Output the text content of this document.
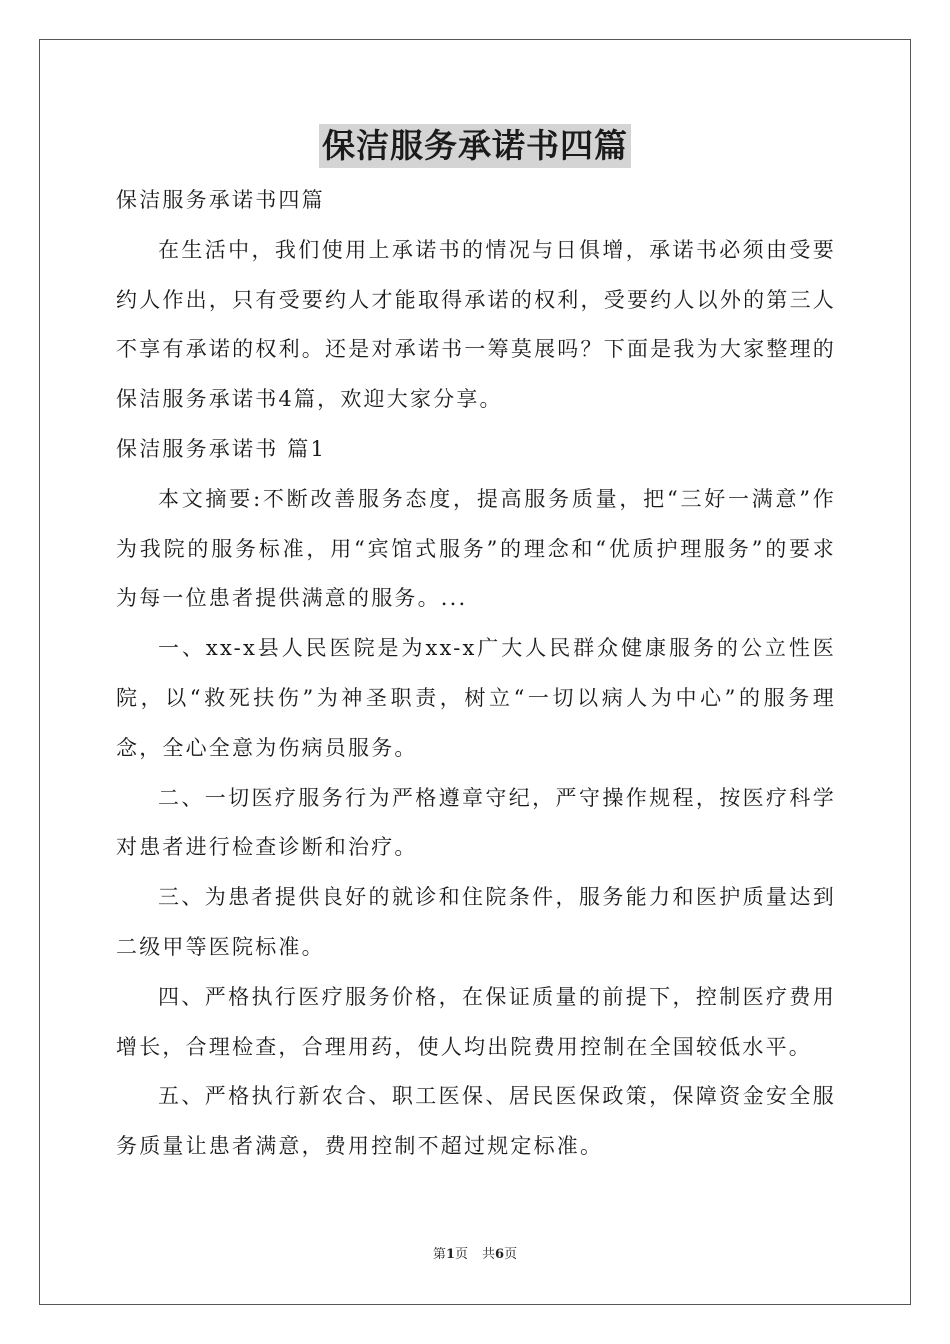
保洁服务承诺书四篇

保洁服务承诺书四篇

在生活中，我们使用上承诺书的情况与日俱增，承诺书必须由受要约人作出，只有受要约人才能取得承诺的权利，受要约人以外的第三人不享有承诺的权利。还是对承诺书一筹莫展吗？下面是我为大家整理的保洁服务承诺书4篇，欢迎大家分享。

保洁服务承诺书 篇1

本文摘要:不断改善服务态度，提高服务质量，把“三好一满意”作为我院的服务标准，用“宾馆式服务”的理念和“优质护理服务”的要求为每一位患者提供满意的服务。...

一、xx-x县人民医院是为xx-x广大人民群众健康服务的公立性医院，以“救死扶伤”为神圣职责，树立“一切以病人为中心”的服务理念，全心全意为伤病员服务。

二、一切医疗服务行为严格遵章守纪，严守操作规程，按医疗科学对患者进行检查诊断和治疗。

三、为患者提供良好的就诊和住院条件，服务能力和医护质量达到二级甲等医院标准。

四、严格执行医疗服务价格，在保证质量的前提下，控制医疗费用增长，合理检查，合理用药，使人均出院费用控制在全国较低水平。

五、严格执行新农合、职工医保、居民医保政策，保障资金安全服务质量让患者满意，费用控制不超过规定标准。

第1页 共6页
